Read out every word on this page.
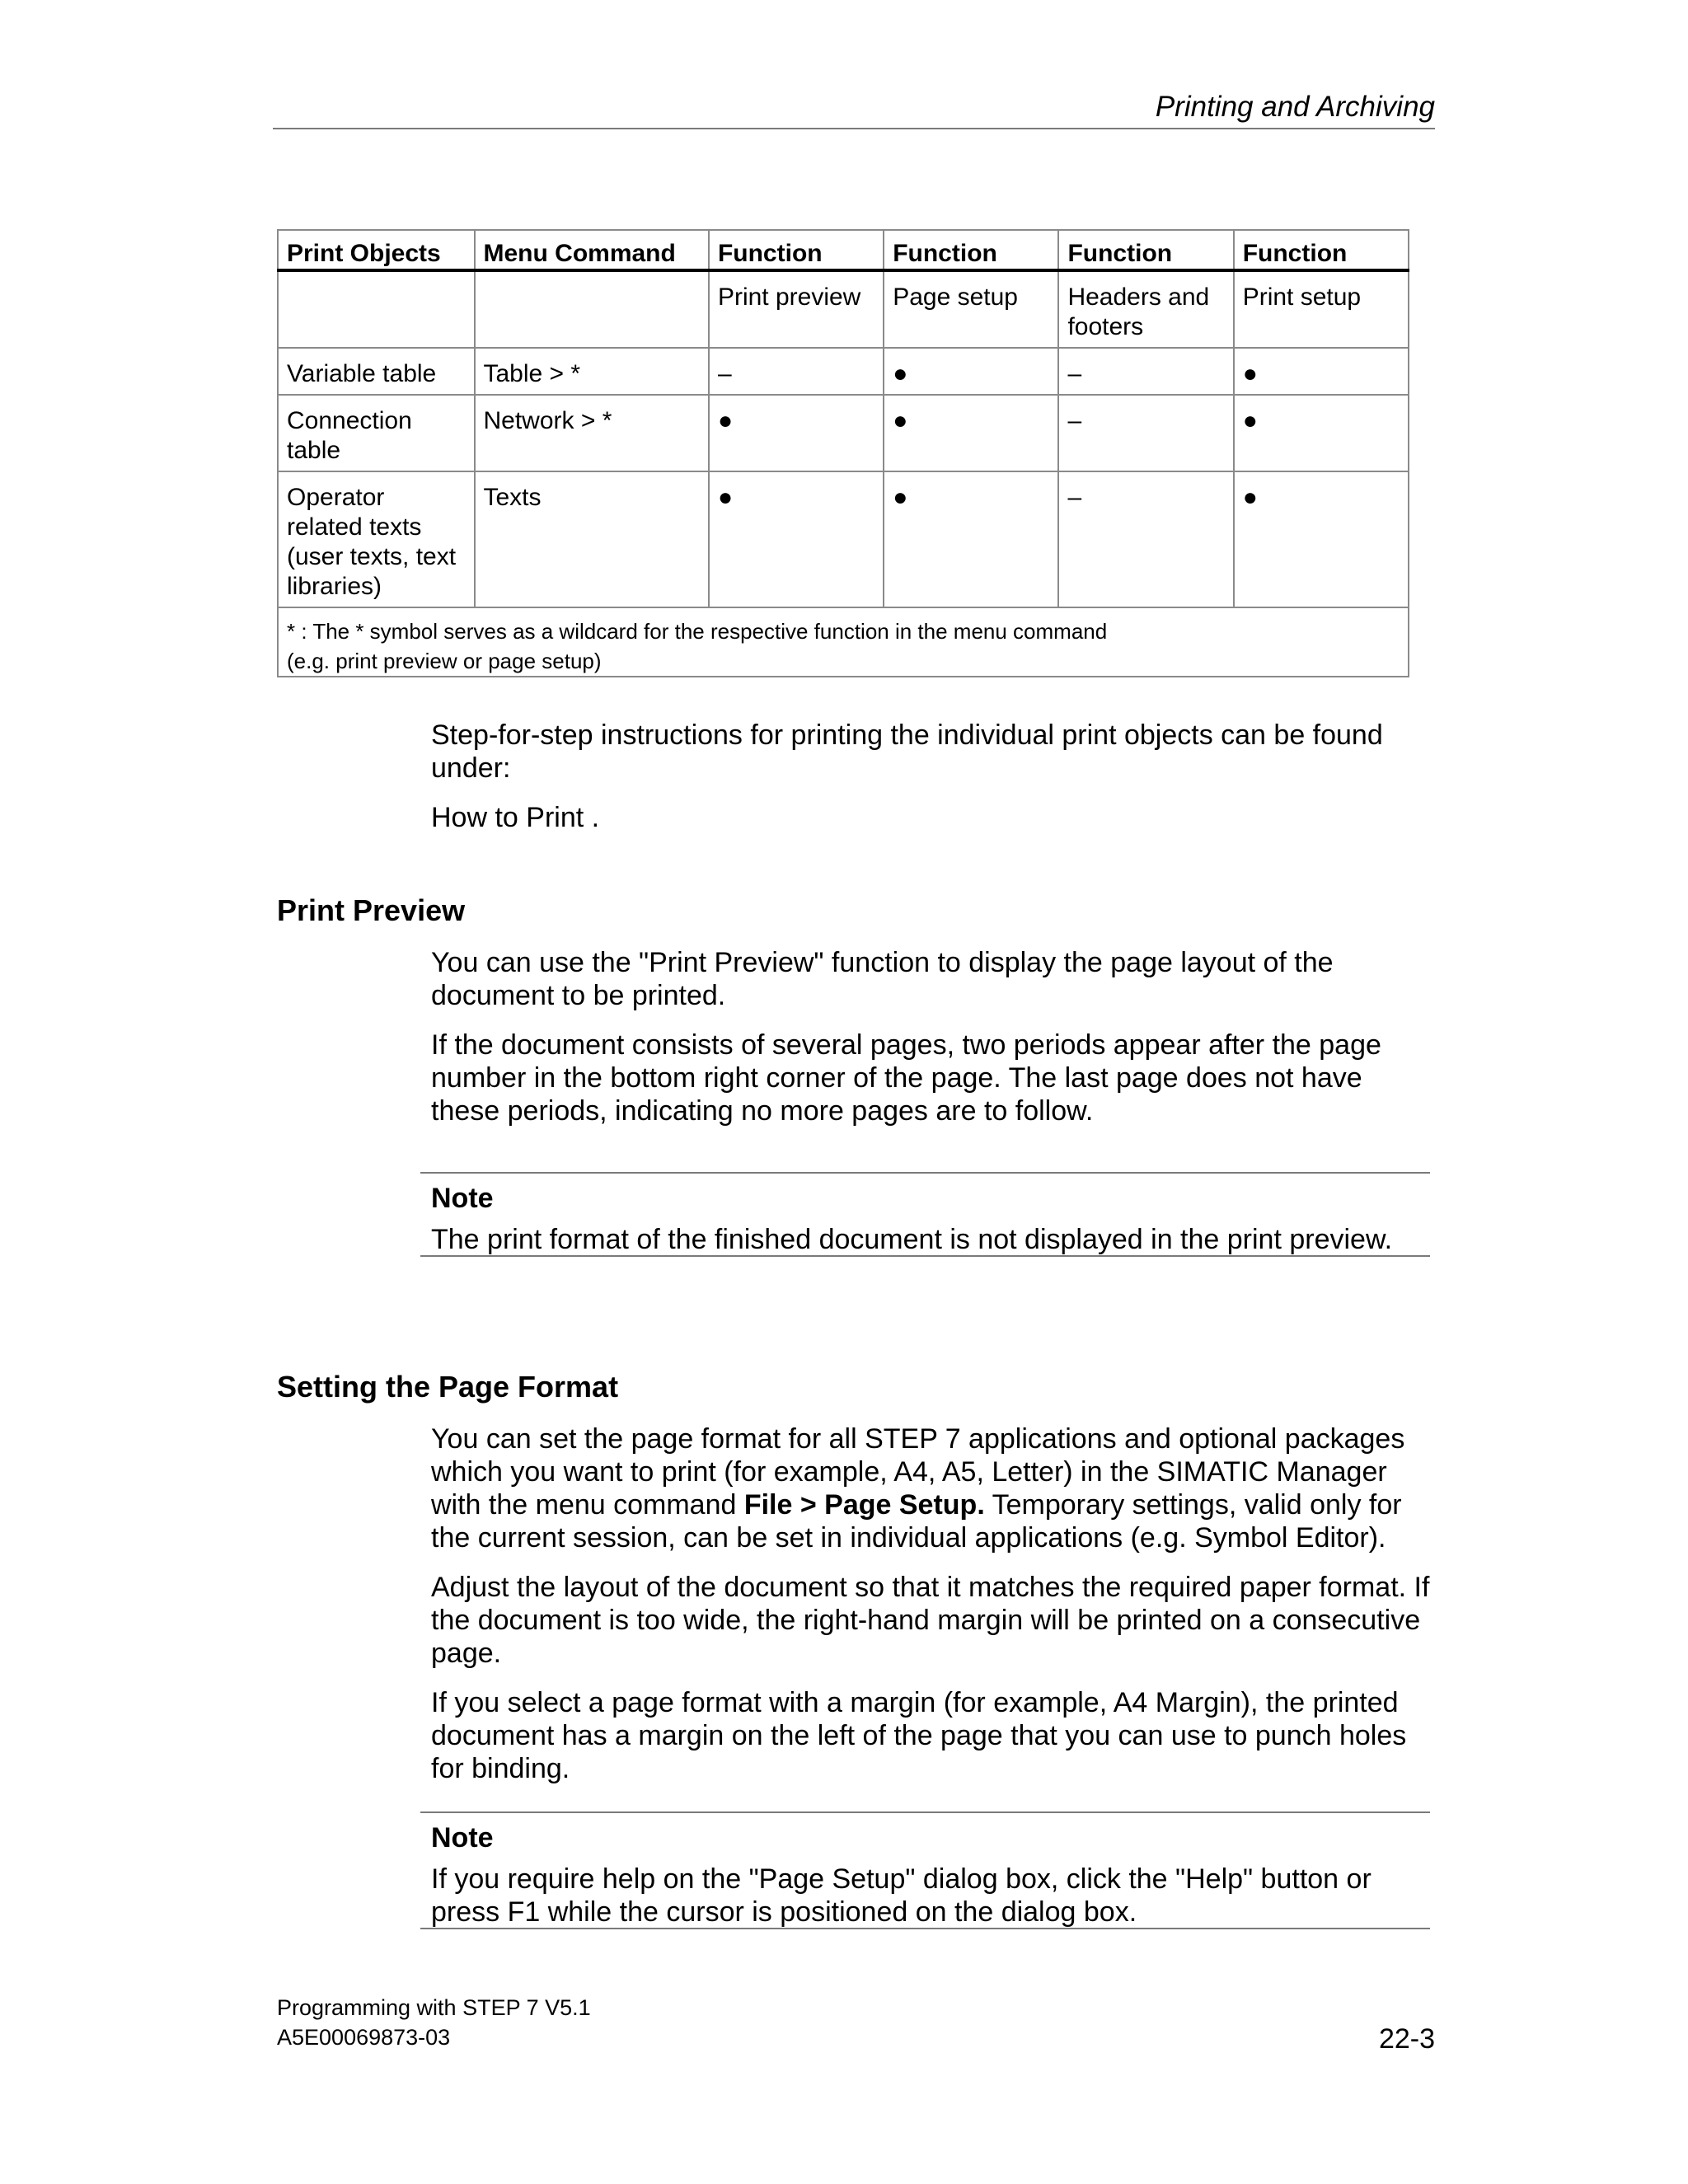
Printing and Archiving
Print Objects	Menu Command	Function	Function	Function	Function
		Print preview	Page setup	Headers and footers	Print setup
Variable table	Table > *	–	●	–	●
Connection table	Network > *	●	●	–	●
Operator related texts (user texts, text libraries)	Texts	●	●	–	●

* : The * symbol serves as a wildcard for the respective function in the menu command
(e.g. print preview or page setup)					

Step-for-step instructions for printing the individual print objects can be found under:

How to Print .

Print Preview

You can use the "Print Preview" function to display the page layout of the document to be printed.

If the document consists of several pages, two periods appear after the page number in the bottom right corner of the page. The last page does not have these periods, indicating no more pages are to follow.

Note

The print format of the finished document is not displayed in the print preview.

Setting the Page Format

You can set the page format for all STEP 7 applications and optional packages which you want to print (for example, A4, A5, Letter) in the SIMATIC Manager with the menu command File > Page Setup. Temporary settings, valid only for the current session, can be set in individual applications (e.g. Symbol Editor).

Adjust the layout of the document so that it matches the required paper format. If the document is too wide, the right-hand margin will be printed on a consecutive page.

If you select a page format with a margin (for example, A4 Margin), the printed document has a margin on the left of the page that you can use to punch holes for binding.

Note

If you require help on the "Page Setup" dialog box, click the "Help" button or press F1 while the cursor is positioned on the dialog box.

Programming with STEP 7 V5.1
A5E00069873-03	22-3
